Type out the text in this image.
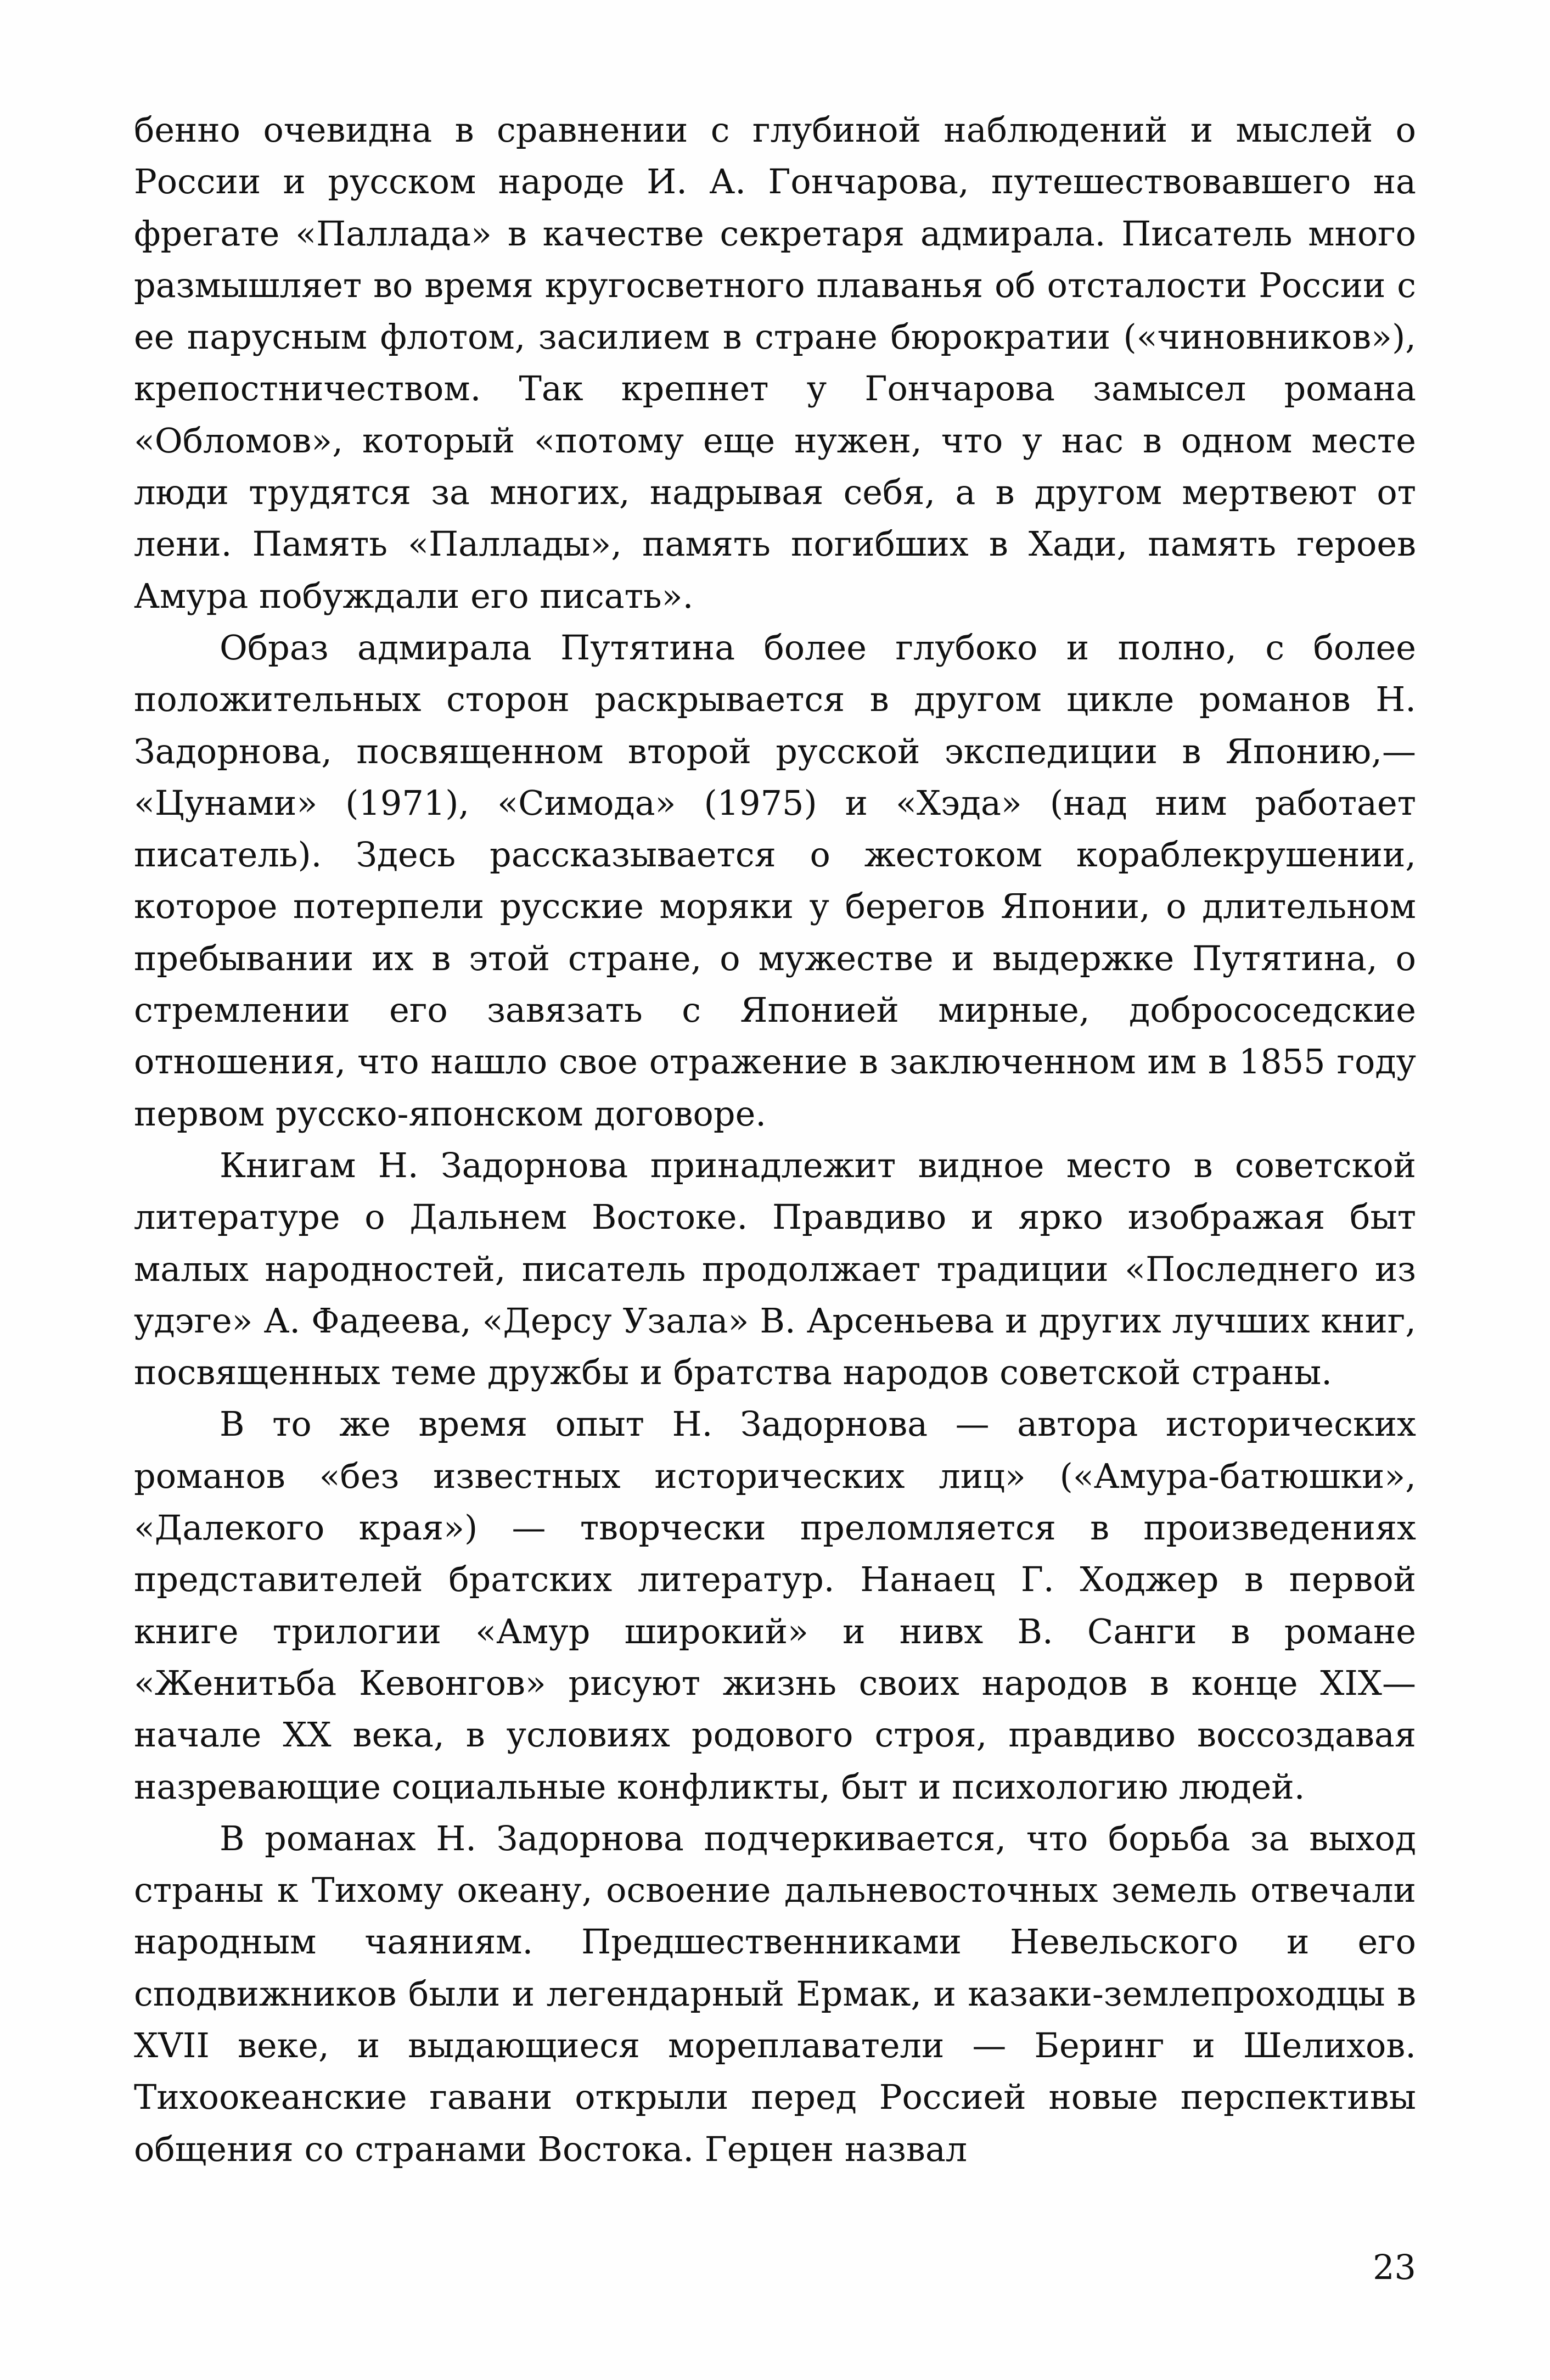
бенно очевидна в сравнении с глубиной наблюдений и мыслей о России и русском народе И. А. Гончарова, путешествовавшего на фрегате «Паллада» в качестве секретаря адмирала. Писатель много размышляет во время кругосветного плаванья об отсталости России с ее парусным флотом, засилием в стране бюрократии («чиновников»), крепостничеством. Так крепнет у Гончарова замысел романа «Обломов», который «потому еще нужен, что у нас в одном месте люди трудятся за многих, надрывая себя, а в другом мертвеют от лени. Память «Паллады», память погибших в Хади, память героев Амура побуждали его писать».

Образ адмирала Путятина более глубоко и полно, с более положительных сторон раскрывается в другом цикле романов Н. Задорнова, посвященном второй русской экспедиции в Японию,— «Цунами» (1971), «Симода» (1975) и «Хэда» (над ним работает писатель). Здесь рассказывается о жестоком кораблекрушении, которое потерпели русские моряки у берегов Японии, о длительном пребывании их в этой стране, о мужестве и выдержке Путятина, о стремлении его завязать с Японией мирные, добрососедские отношения, что нашло свое отражение в заключенном им в 1855 году первом русско-японском договоре.

Книгам Н. Задорнова принадлежит видное место в советской литературе о Дальнем Востоке. Правдиво и ярко изображая быт малых народностей, писатель продолжает традиции «Последнего из удэге» А. Фадеева, «Дерсу Узала» В. Арсеньева и других лучших книг, посвященных теме дружбы и братства народов советской страны.

В то же время опыт Н. Задорнова — автора исторических романов «без известных исторических лиц» («Амура-батюшки», «Далекого края») — творчески преломляется в произведениях представителей братских литератур. Нанаец Г. Ходжер в первой книге трилогии «Амур широкий» и нивх В. Санги в романе «Женитьба Кевонгов» рисуют жизнь своих народов в конце XIX— начале XX века, в условиях родового строя, правдиво воссоздавая назревающие социальные конфликты, быт и психологию людей.

В романах Н. Задорнова подчеркивается, что борьба за выход страны к Тихому океану, освоение дальневосточных земель отвечали народным чаяниям. Предшественниками Невельского и его сподвижников были и легендарный Ермак, и казаки-землепроходцы в XVII веке, и выдающиеся мореплаватели — Беринг и Шелихов. Тихоокеанские гавани открыли перед Россией новые перспективы общения со странами Востока. Герцен назвал

23
